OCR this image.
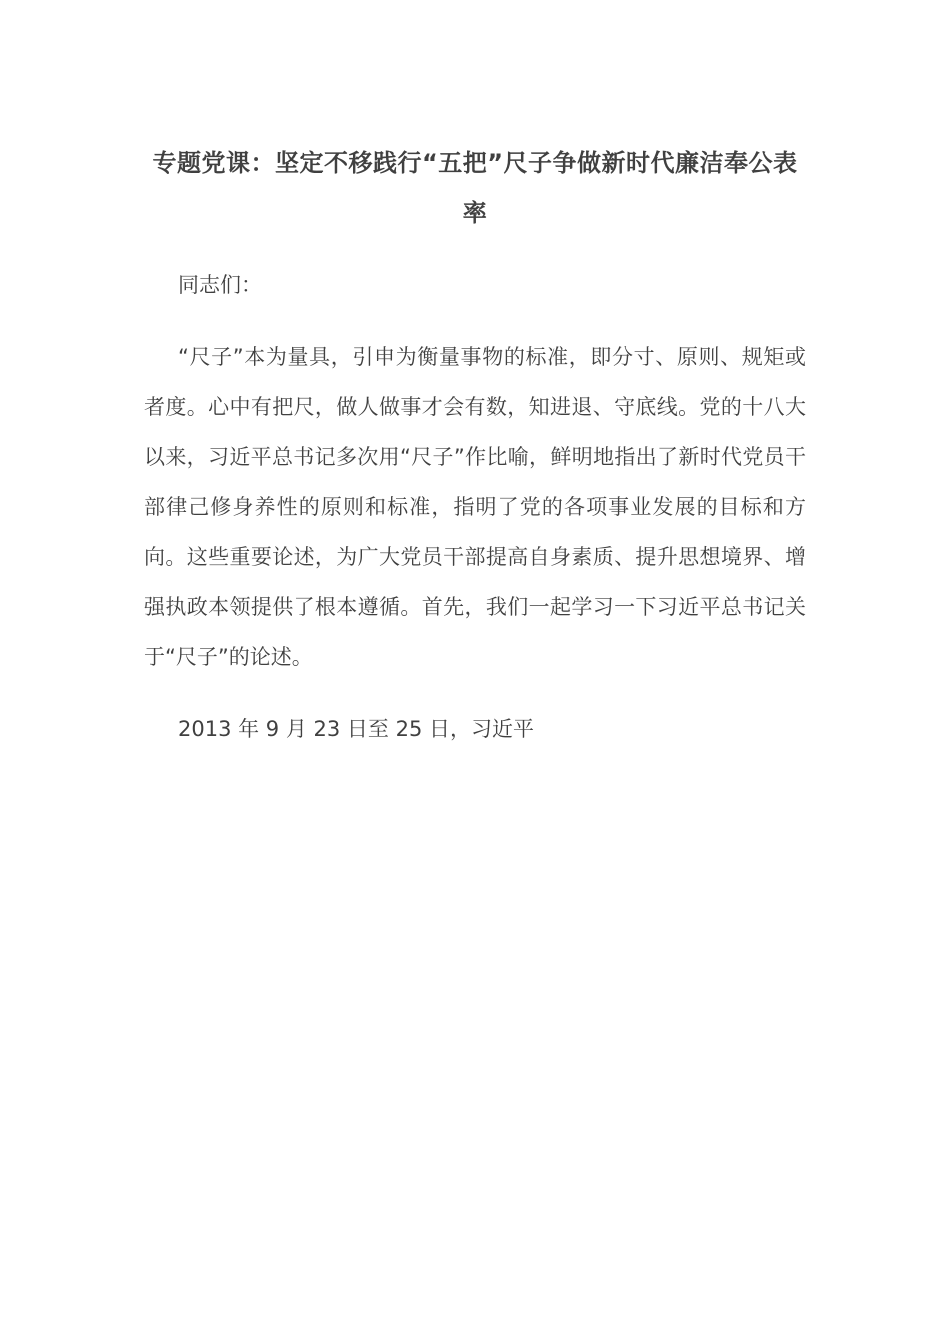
专题党课：坚定不移践行“五把”尺子争做新时代廉洁奉公表率

同志们：

“尺子”本为量具，引申为衡量事物的标准，即分寸、原则、规矩或者度。心中有把尺，做人做事才会有数，知进退、守底线。党的十八大以来，习近平总书记多次用“尺子”作比喻，鲜明地指出了新时代党员干部律己修身养性的原则和标准，指明了党的各项事业发展的目标和方向。这些重要论述，为广大党员干部提高自身素质、提升思想境界、增强执政本领提供了根本遵循。首先，我们一起学习一下习近平总书记关于“尺子”的论述。

2013 年 9 月 23 日至 25 日，习近平
